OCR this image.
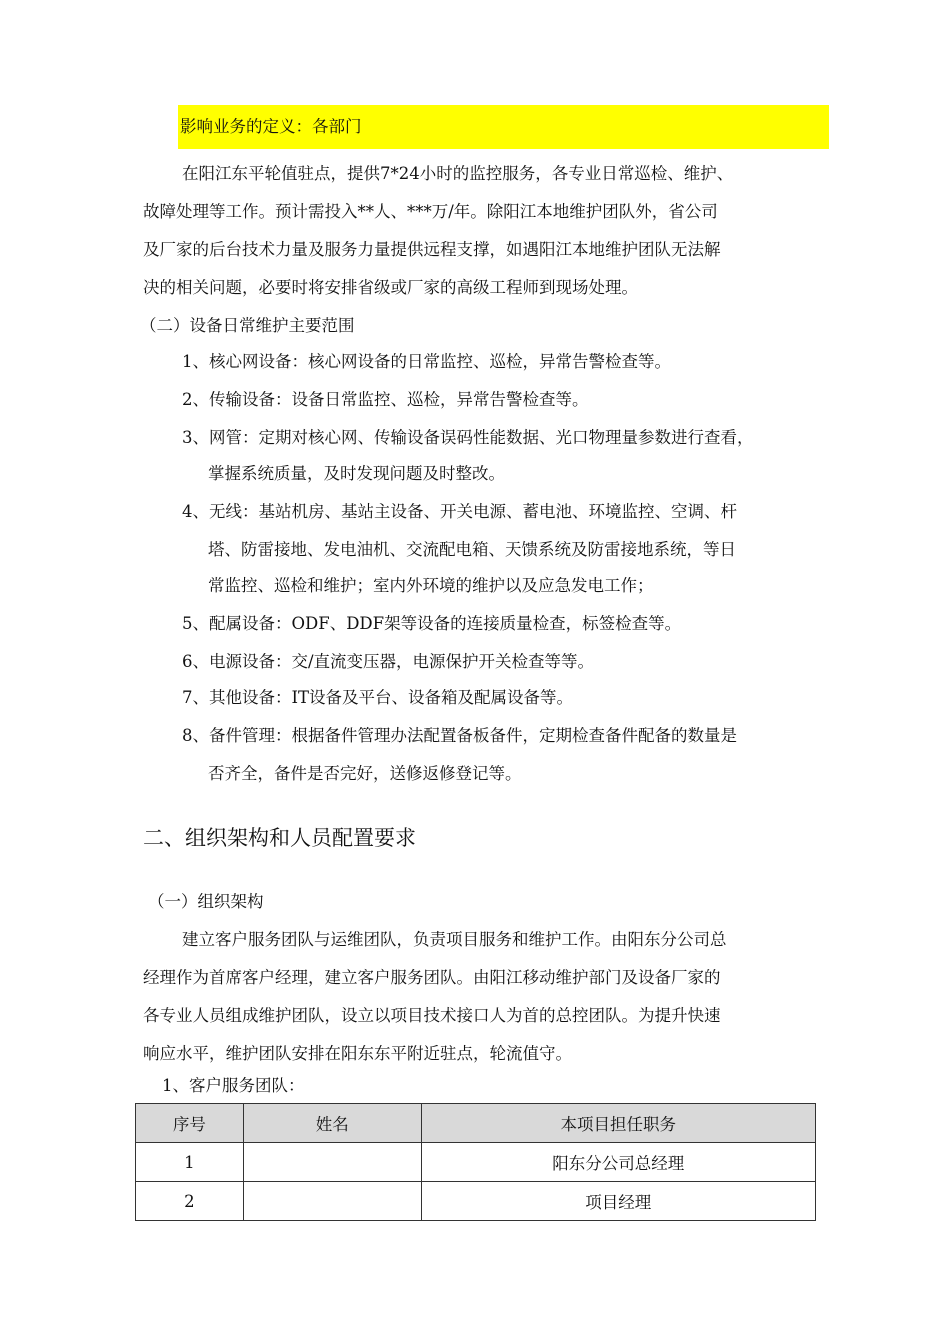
影响业务的定义：各部门
在阳江东平轮值驻点，提供7*24小时的监控服务，各专业日常巡检、维护、
故障处理等工作。预计需投入**人、***万/年。除阳江本地维护团队外，省公司
及厂家的后台技术力量及服务力量提供远程支撑，如遇阳江本地维护团队无法解
决的相关问题，必要时将安排省级或厂家的高级工程师到现场处理。
（二）设备日常维护主要范围
1、核心网设备：核心网设备的日常监控、巡检，异常告警检查等。
2、传输设备：设备日常监控、巡检，异常告警检查等。
3、网管：定期对核心网、传输设备误码性能数据、光口物理量参数进行查看，
掌握系统质量，及时发现问题及时整改。
4、无线：基站机房、基站主设备、开关电源、蓄电池、环境监控、空调、杆
塔、防雷接地、发电油机、交流配电箱、天馈系统及防雷接地系统，等日
常监控、巡检和维护；室内外环境的维护以及应急发电工作；
5、配属设备：ODF、DDF架等设备的连接质量检查，标签检查等。
6、电源设备：交/直流变压器，电源保护开关检查等等。
7、其他设备：IT设备及平台、设备箱及配属设备等。
8、备件管理：根据备件管理办法配置备板备件，定期检查备件配备的数量是
否齐全，备件是否完好，送修返修登记等。
二、组织架构和人员配置要求
（一）组织架构
建立客户服务团队与运维团队，负责项目服务和维护工作。由阳东分公司总
经理作为首席客户经理，建立客户服务团队。由阳江移动维护部门及设备厂家的
各专业人员组成维护团队，设立以项目技术接口人为首的总控团队。为提升快速
响应水平，维护团队安排在阳东东平附近驻点，轮流值守。
1、客户服务团队：
序号	姓名	本项目担任职务
1		阳东分公司总经理
2		项目经理
